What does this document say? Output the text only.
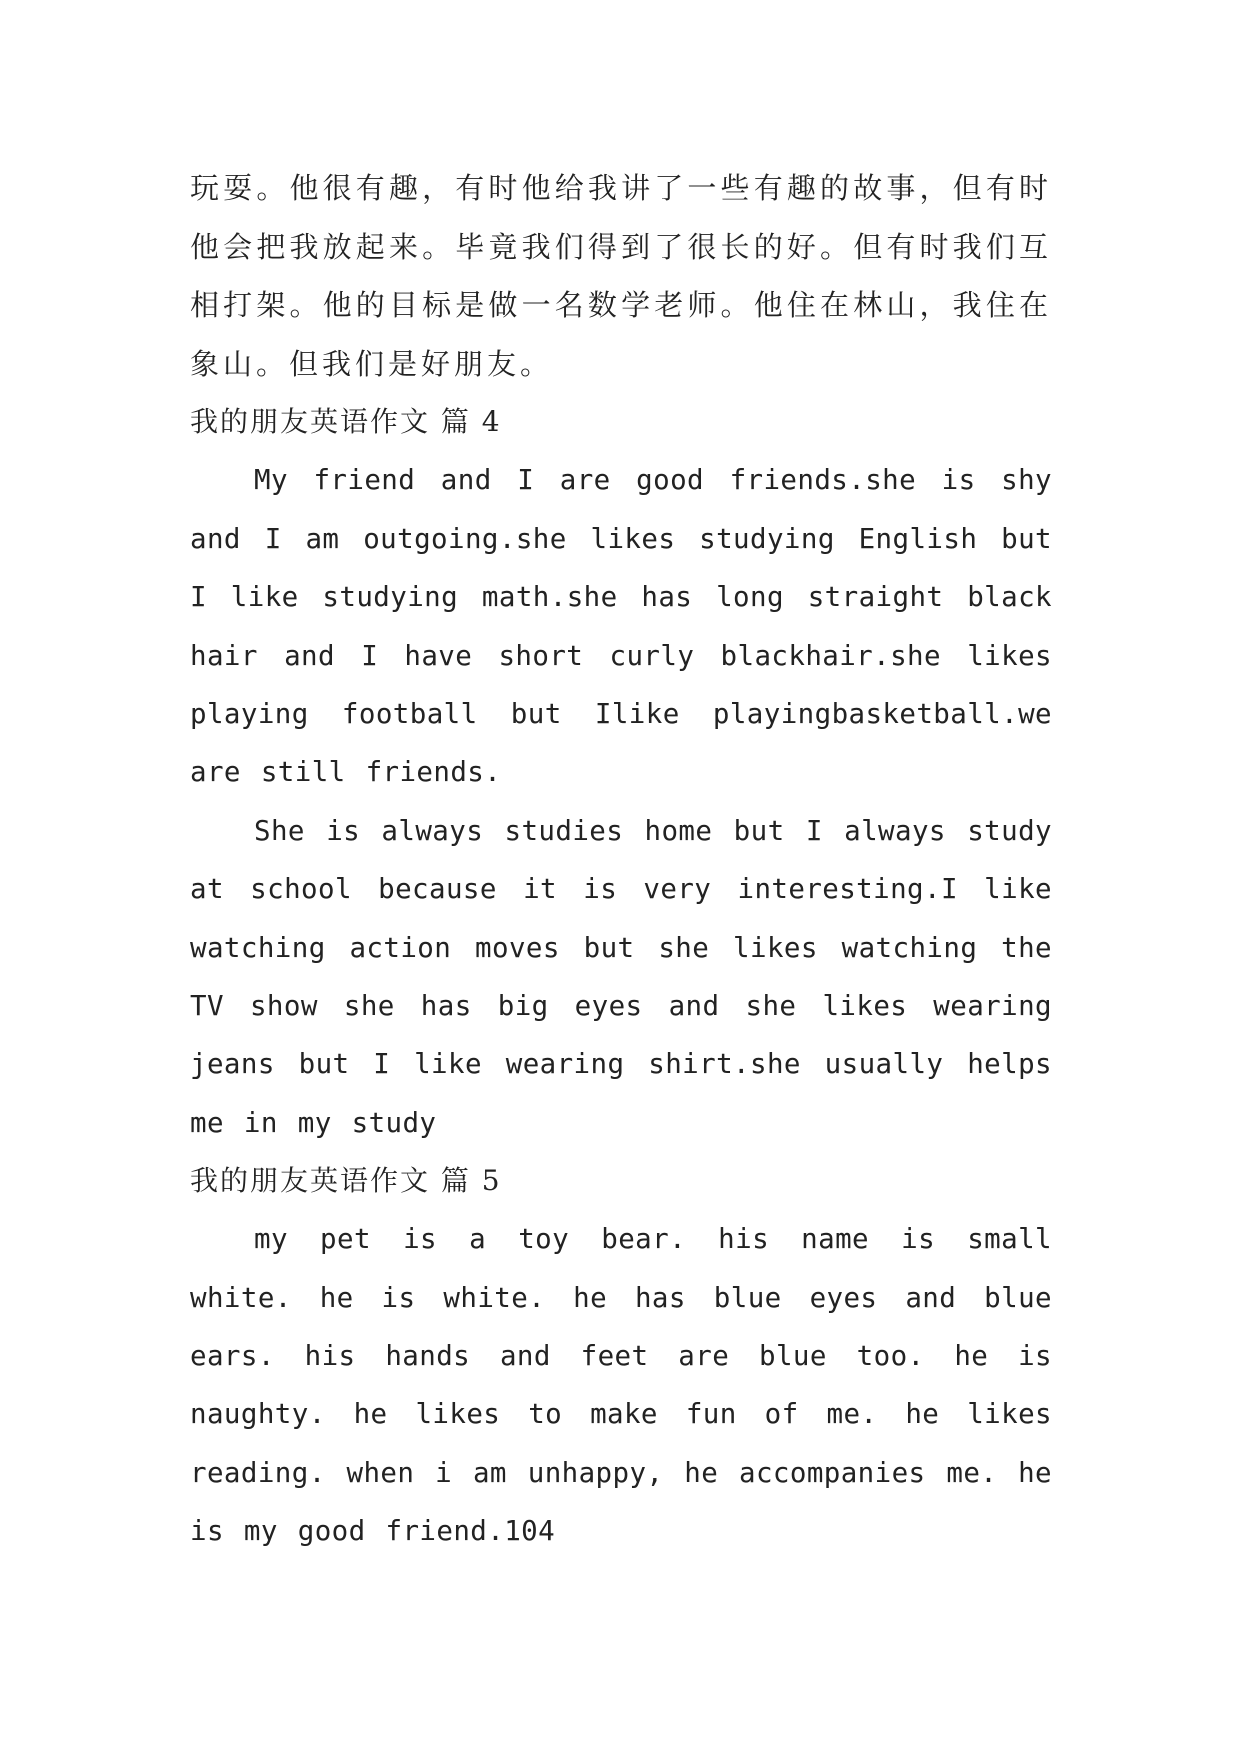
玩耍。他很有趣，有时他给我讲了一些有趣的故事，但有时他会把我放起来。毕竟我们得到了很长的好。但有时我们互相打架。他的目标是做一名数学老师。他住在林山，我住在象山。但我们是好朋友。

我的朋友英语作文 篇 4

My friend and I are good friends.she is shy and I am outgoing.she likes studying English but I like studying math.she has long straight black hair and I have short curly blackhair.she likes playing football but Ilike playingbasketball.we are still friends.

She is always studies home but I always study at school because it is very interesting.I like watching action moves but she likes watching the TV show she has big eyes and she likes wearing jeans but I like wearing shirt.she usually helps me in my study

我的朋友英语作文 篇 5

my pet is a toy bear. his name is small white. he is white. he has blue eyes and blue ears. his hands and feet are blue too. he is naughty. he likes to make fun of me. he likes reading. when i am unhappy, he accompanies me. he is my good friend.104
